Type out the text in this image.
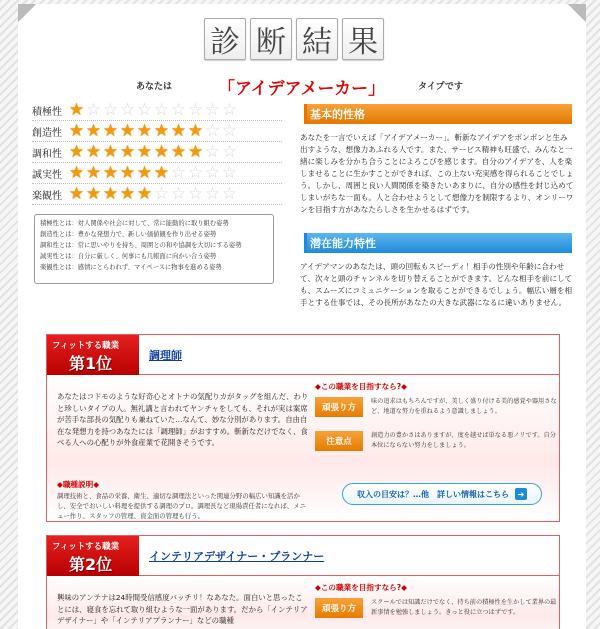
診 断 結 果
あなたは	「アイデアメーカー」	タイプです
積極性 ★ ☆ ☆ ☆ ☆ ☆ ☆ ☆ ☆ ☆
創造性 ★ ★ ★ ★ ★ ★ ★ ★ ☆ ☆
調和性 ★ ★ ★ ★ ★ ★ ★ ★ ☆ ☆
誠実性 ★ ★ ★ ★ ★ ★ ☆ ☆ ☆ ☆
楽観性 ★ ★ ★ ★ ★ ☆ ☆ ☆ ☆ ☆
積極性とは：対人関係や社会に対して、常に能動的に取り組む姿勢
創造性とは：豊かな発想力で、新しい価値観を作り出せる姿勢
調和性とは：常に思いやりを持ち、周囲との和や協調を大切にする姿勢
誠実性とは：自分に厳しく、何事にも几帳面に向かい合う姿勢
楽観性とは：感情にとらわれず、マイペースに物事を進める姿勢
基本的性格

あなたを一言でいえば「アイデアメーカー」。斬新なアイデアをポンポンと生み出すような、想像力あふれる人です。また、サービス精神も旺盛で、みんなと一緒に楽しみを分かち合うことによろこびを感じます。自分のアイデアを、人を楽しませることに生かすことができれば、この上ない充実感を得られることでしょう。しかし、周囲と良い人間関係を築きたいあまりに、自分の感性を封じ込めてしまいがちな一面も。人と合わせようとして想像力を制限するより、オンリーワンを目指す方があなたらしさを生かせるはずです。

潜在能力特性

アイデアマンのあなたは、頭の回転もスピーディ！相手の性別や年齢に合わせて、次々と頭のチャンネルを切り替えることができます。どんな相手を前にしても、スムーズにコミュニケーションを取ることができるでしょう。幅広い層を相手とする仕事では、その長所があなたの大きな武器になるに違いありません。

フィットする職業
第1位	調理師

あなたはコドモのような好奇心とオトナの気配りカがタッグを組んだ、わりと珍しいタイプの人。無礼講と言われてヤンチャをしても、それが実は案席が苦手な部長の気配りも兼ねていた…なんて、妙な分別があります。自由自在な発想力を持つあなたには「調理師」がおすすめ。斬新なだけでなく、食べる人への心配りが外食産業で花開きそうです。

◆この職業を目指すなら?◆
頑張り方
味の追求はもちろんですが、美しく盛り付ける美的感覚や器用さなど、地道な努力を重ねるよう意識しましょう。
注意点
創造力の豊かさはありますが、度を越せば単なる悪ノリです。自分本位にならない努力をしましょう。
◆職種説明◆

調理技術と、食品の栄養、衛生、適切な調理法といった関連分野の幅広い知識を活かし、安全でおいしい料理を提供する調理のプロ。調理長など現場責任者になれば、メニュー作り、スタッフの管理、資金面の管理も行う。

収入の目安は？…他　詳しい情報はこちら	➜
フィットする職業
第2位	インテリアデザイナー・プランナー

興味のアンテナは24時間受信感度バッチリ！なあなた。面白いと思ったことには、寝食を忘れて取り組むような一面があります。だから「インテリアデザイナー」や「インテリアプランナー」などの職種

◆この職業を目指すなら?◆
頑張り方
スクールでは知識だけでなく、持ち前の積極性を生かして業界の最新事情を勉強しましょう。きっと役に立つはずです。
